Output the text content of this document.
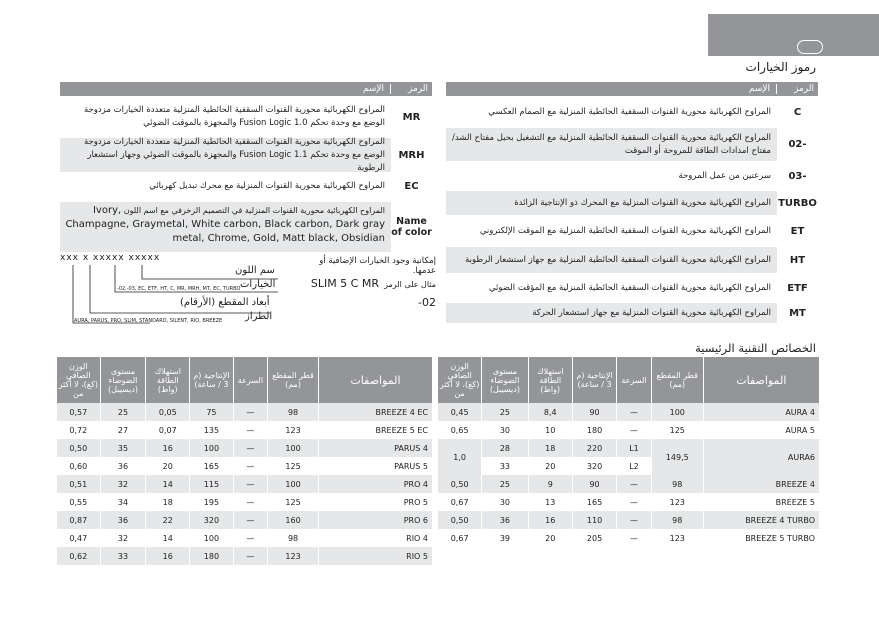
رموز الخيارات
الرمز
الإسم
C
المراوح الكهربائية محورية القنوات السقفية الحائطية المنزلية مع الصمام العكسي
-02
المراوح الكهربائية محورية القنوات السقفية الحائطية المنزلية مع التشغيل بحبل مفتاح الشد/ مفتاح امدادات الطاقة للمروحة أو الموقت
-03
سرعتين من عمل المروحة
TURBO
المراوح الكهربائية محورية القنوات المنزلية مع المحرك ذو الإنتاجية الزائدة
ET
المراوح الكهربائية محورية القنوات السقفية الحائطية المنزلية مع الموقت الإلكتروني
HT
المراوح الكهربائية محورية القنوات السقفية الحائطية المنزلية مع جهاز استشعار الرطوبة
ETF
المراوح الكهربائية محورية القنوات السقفية الحائطية المنزلية مع المؤقت الضوئي
MT
المراوح الكهربائية محورية القنوات المنزلية مع جهاز استشعار الحركة
الرمز
الإسم
MR
المراوح الكهربائية محورية القنوات السقفية الحائطية المنزلية متعددة الخيارات مزدوجة الوضع مع وحدة تحكم Fusion Logic 1.0 والمجهزة بالموقت الضوئي
MRH
المراوح الكهربائية محورية القنوات السقفية الحائطية المنزلية متعددة الخيارات مزدوجة الوضع مع وحدة تحكم Fusion Logic 1.1 والمجهزة بالموقت الضوئي وجهاز استشعار الرطوبة
EC
المراوح الكهربائية محورية القنوات المنزلية مع محرك تبديل كهربائي
Name of color
المراوح الكهربائية محورية القنوات المنزلية في التصميم الزخرفي مع اسم اللون Ivory, Champagne, Graymetal, White carbon, Black carbon, Dark gray metal, Chrome, Gold, Matt black, Obsidian
xxx x xxxxx xxxxx
سم اللون
الخيارات
-02,-03, EC, ETF, HT, C, MR, MRH, MT, EC, TURBO
أبعاد المقطع (الأرقام)
الطراز
AURA, PARUS, PRO, SLIM, STANDARD, SILENT, RIO, BREEZE
إمكانية وجود الخيارات الإضافية أو عدمها.
مثال على الرمز SLIM 5 C MR -02
الخصائص التقنية الرئيسية
المواصفات	قطر المقطع (مم)	السرعة	الإنتاجية (م 3 / ساعة)	استهلاك الطاقة (واط)	مستوى الضوضاء (ديسيبل)	الوزن الصافي (كغ)، لا أكثر من
AURA 4	100	—	90	8,4	25	0,45
AURA 5	125	—	180	10	30	0,65
AURA6	149,5	L1	220	18	28	1,0
		L2	320	20	33	
BREEZE 4	98	—	90	9	25	0,50
BREEZE 5	123	—	165	13	30	0,67
BREEZE 4 TURBO	98	—	110	16	36	0,50
BREEZE 5 TURBO	123	—	205	20	39	0,67
المواصفات	قطر المقطع (مم)	السرعة	الإنتاجية (م 3 / ساعة)	استهلاك الطاقة (واط)	مستوى الضوضاء (ديسيبل)	الوزن الصافي (كغ)، لا أكثر من
BREEZE 4 EC	98	—	75	0,05	25	0,57
BREEZE 5 EC	123	—	135	0,07	27	0,72
PARUS 4	100	—	100	16	35	0,50
PARUS 5	125	—	165	20	36	0,60
PRO 4	100	—	115	14	32	0,51
PRO 5	125	—	195	18	34	0,55
PRO 6	160	—	320	22	36	0,87
RIO 4	98	—	100	14	32	0,47
RIO 5	123	—	180	16	33	0,62
